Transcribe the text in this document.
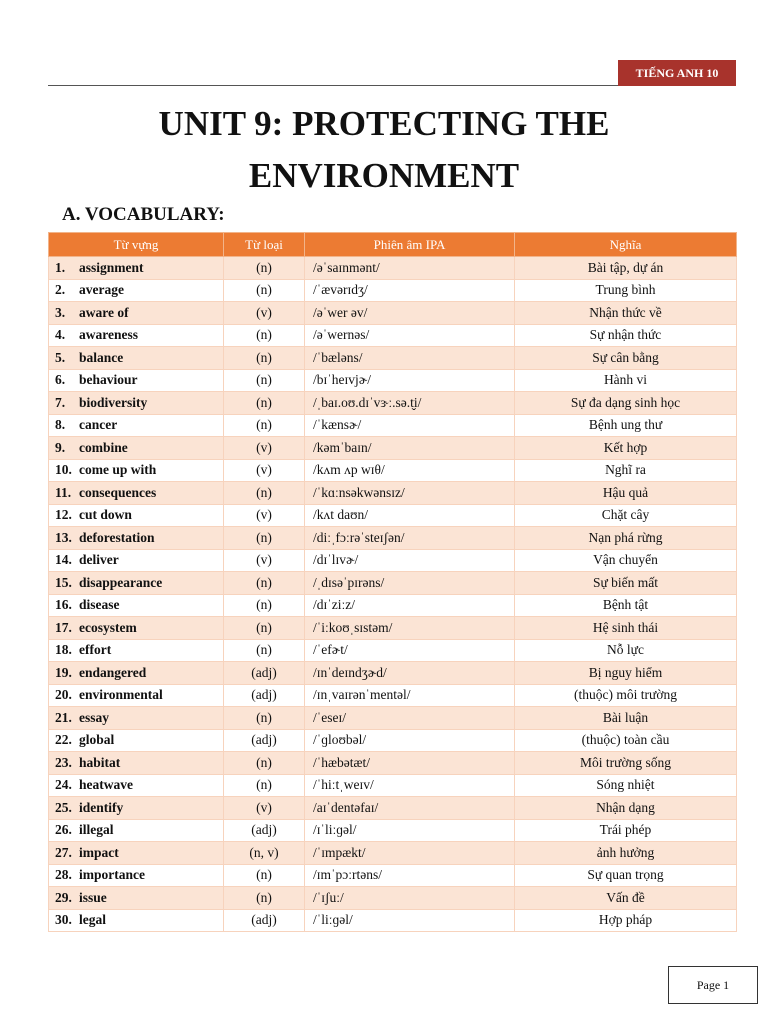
TIẾNG ANH 10
UNIT 9: PROTECTING THE
ENVIRONMENT
A. VOCABULARY:
Từ vựng	Từ loại	Phiên âm IPA	Nghĩa
1. assignment	(n)	/əˈsaɪnmənt/	Bài tập, dự án
2. average	(n)	/ˈævərɪdʒ/	Trung bình
3. aware of	(v)	/əˈwer əv/	Nhận thức về
4. awareness	(n)	/əˈwernəs/	Sự nhận thức
5. balance	(n)	/ˈbæləns/	Sự cân bằng
6. behaviour	(n)	/bɪˈheɪvjɚ/	Hành vi
7. biodiversity	(n)	/ˌbaɪ.oʊ.dɪˈvɝː.sə.t̬i/	Sự đa dạng sinh học
8. cancer	(n)	/ˈkænsɚ/	Bệnh ung thư
9. combine	(v)	/kəmˈbaɪn/	Kết hợp
10. come up with	(v)	/kʌm ʌp wɪθ/	Nghĩ ra
11. consequences	(n)	/ˈkɑːnsəkwənsɪz/	Hậu quả
12. cut down	(v)	/kʌt daʊn/	Chặt cây
13. deforestation	(n)	/diːˌfɔːrəˈsteɪʃən/	Nạn phá rừng
14. deliver	(v)	/dɪˈlɪvɚ/	Vận chuyển
15. disappearance	(n)	/ˌdɪsəˈpɪrəns/	Sự biến mất
16. disease	(n)	/dɪˈziːz/	Bệnh tật
17. ecosystem	(n)	/ˈiːkoʊˌsɪstəm/	Hệ sinh thái
18. effort	(n)	/ˈefɚt/	Nỗ lực
19. endangered	(adj)	/ɪnˈdeɪndʒɚd/	Bị nguy hiểm
20. environmental	(adj)	/ɪnˌvaɪrənˈmentəl/	(thuộc) môi trường
21. essay	(n)	/ˈeseɪ/	Bài luận
22. global	(adj)	/ˈɡloʊbəl/	(thuộc) toàn cầu
23. habitat	(n)	/ˈhæbətæt/	Môi trường sống
24. heatwave	(n)	/ˈhiːtˌweɪv/	Sóng nhiệt
25. identify	(v)	/aɪˈdentəfaɪ/	Nhận dạng
26. illegal	(adj)	/ɪˈliːɡəl/	Trái phép
27. impact	(n, v)	/ˈɪmpækt/	ảnh hưởng
28. importance	(n)	/ɪmˈpɔːrtəns/	Sự quan trọng
29. issue	(n)	/ˈɪʃuː/	Vấn đề
30. legal	(adj)	/ˈliːɡəl/	Hợp pháp
Page 1
